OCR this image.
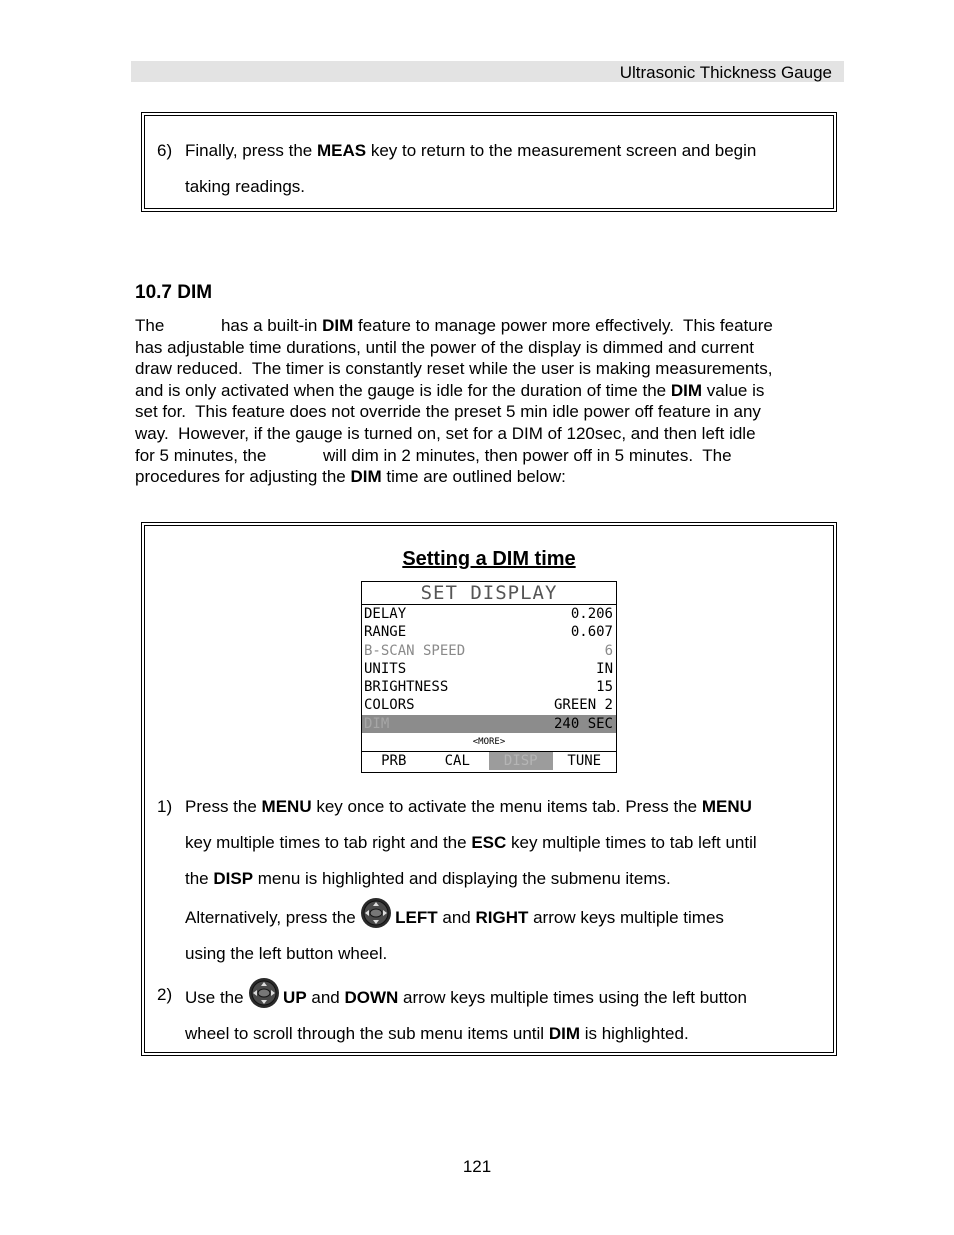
Ultrasonic Thickness Gauge
6) Finally, press the MEAS key to return to the measurement screen and begin
taking readings.
10.7 DIM
The            has a built-in DIM feature to manage power more effectively.  This feature
has adjustable time durations, until the power of the display is dimmed and current
draw reduced.  The timer is constantly reset while the user is making measurements,
and is only activated when the gauge is idle for the duration of time the DIM value is
set for.  This feature does not override the preset 5 min idle power off feature in any
way.  However, if the gauge is turned on, set for a DIM of 120sec, and then left idle
for 5 minutes, the            will dim in 2 minutes, then power off in 5 minutes.  The
procedures for adjusting the DIM time are outlined below:
Setting a DIM time
SET DISPLAY
DELAY	0.206
RANGE	0.607
B-SCAN SPEED	6
UNITS	IN
BRIGHTNESS	15
COLORS	GREEN 2
DIM	240 SEC
<MORE>
PRB	CAL	DISP	TUNE
1) Press the MENU key once to activate the menu items tab. Press the MENU
key multiple times to tab right and the ESC key multiple times to tab left until
the DISP menu is highlighted and displaying the submenu items.
Alternatively, press the  LEFT and RIGHT arrow keys multiple times
using the left button wheel.
2) Use the  UP and DOWN arrow keys multiple times using the left button
wheel to scroll through the sub menu items until DIM is highlighted.
121
